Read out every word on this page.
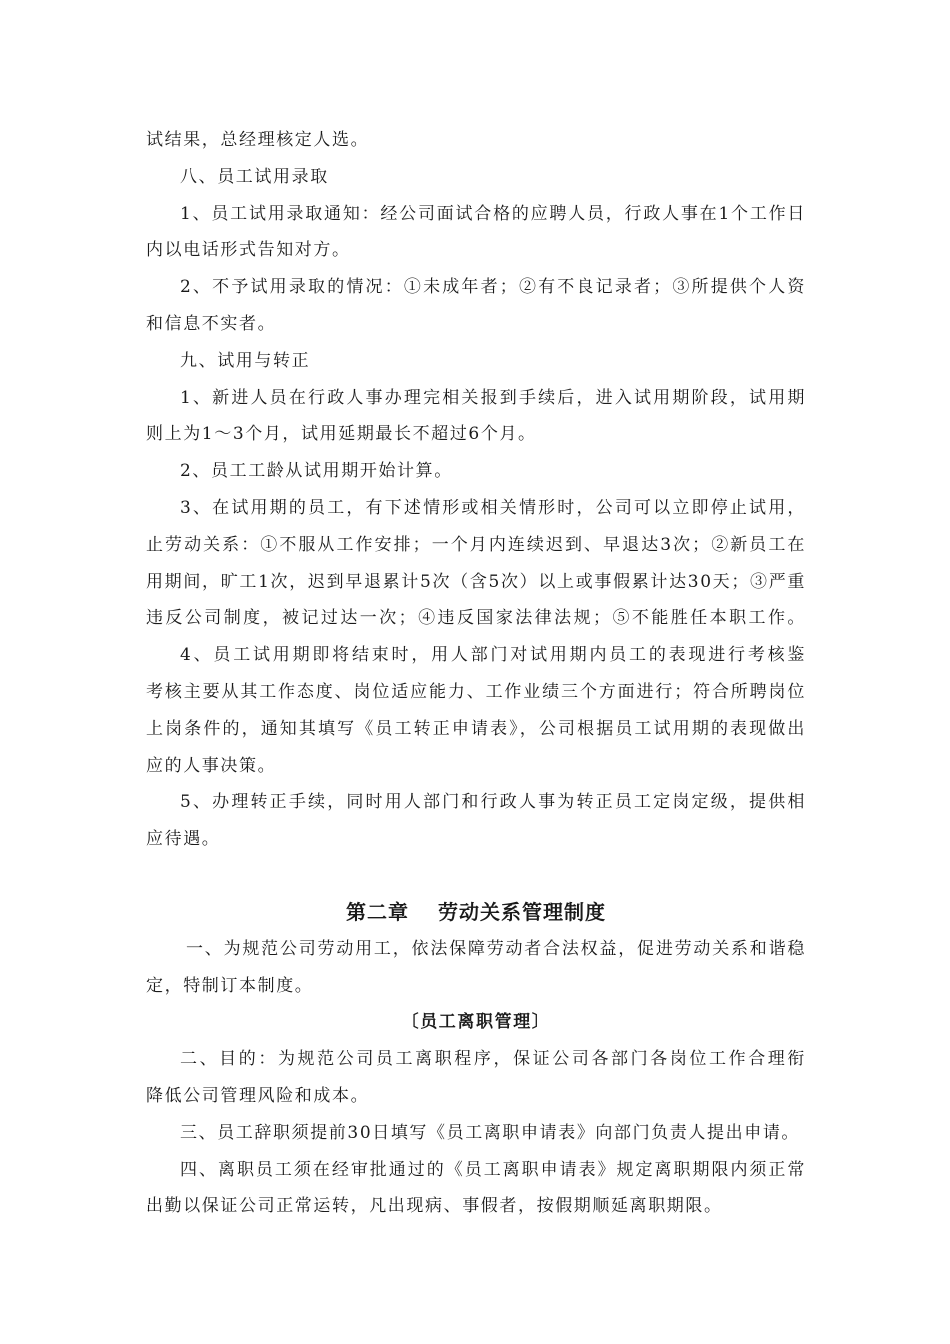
试结果，总经理核定人选。

八、员工试用录取

1、员工试用录取通知：经公司面试合格的应聘人员，行政人事在1个工作日

内以电话形式告知对方。

2、不予试用录取的情况：①未成年者；②有不良记录者；③所提供个人资

和信息不实者。

九、试用与转正

1、新进人员在行政人事办理完相关报到手续后，进入试用期阶段，试用期

则上为1～3个月，试用延期最长不超过6个月。

2、员工工龄从试用期开始计算。

3、在试用期的员工，有下述情形或相关情形时，公司可以立即停止试用，

止劳动关系：①不服从工作安排；一个月内连续迟到、早退达3次；②新员工在

用期间，旷工1次，迟到早退累计5次（含5次）以上或事假累计达30天；③严重

违反公司制度，被记过达一次；④违反国家法律法规；⑤不能胜任本职工作。

4、员工试用期即将结束时，用人部门对试用期内员工的表现进行考核鉴

考核主要从其工作态度、岗位适应能力、工作业绩三个方面进行；符合所聘岗位

上岗条件的，通知其填写《员工转正申请表》，公司根据员工试用期的表现做出

应的人事决策。

5、办理转正手续，同时用人部门和行政人事为转正员工定岗定级，提供相

应待遇。

第二章　 劳动关系管理制度

一、为规范公司劳动用工，依法保障劳动者合法权益，促进劳动关系和谐稳

定，特制订本制度。

〔员工离职管理〕

二、目的：为规范公司员工离职程序，保证公司各部门各岗位工作合理衔

降低公司管理风险和成本。

三、员工辞职须提前30日填写《员工离职申请表》向部门负责人提出申请。

四、离职员工须在经审批通过的《员工离职申请表》规定离职期限内须正常

出勤以保证公司正常运转，凡出现病、事假者，按假期顺延离职期限。
